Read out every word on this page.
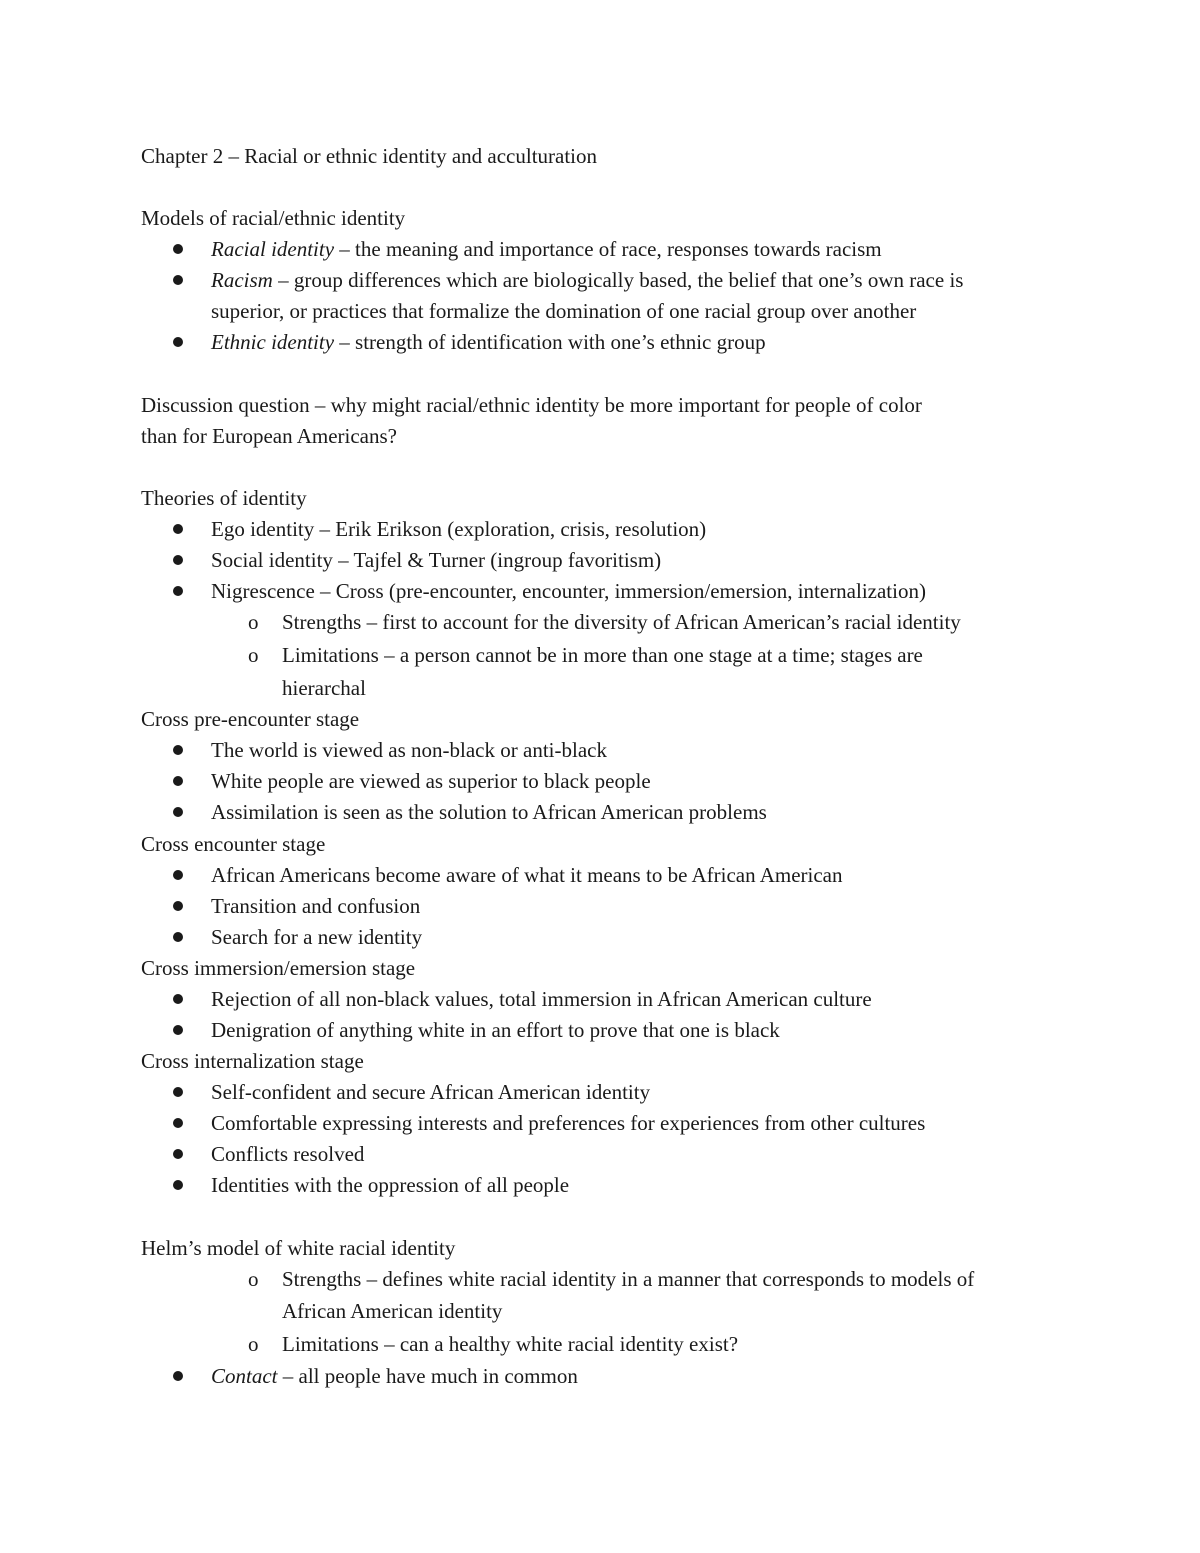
Chapter 2 – Racial or ethnic identity and acculturation
Models of racial/ethnic identity
Racial identity – the meaning and importance of race, responses towards racism
Racism – group differences which are biologically based, the belief that one’s own race is
superior, or practices that formalize the domination of one racial group over another
Ethnic identity – strength of identification with one’s ethnic group
Discussion question – why might racial/ethnic identity be more important for people of color
than for European Americans?
Theories of identity
Ego identity – Erik Erikson (exploration, crisis, resolution)
Social identity – Tajfel & Turner (ingroup favoritism)
Nigrescence – Cross (pre-encounter, encounter, immersion/emersion, internalization)
o Strengths – first to account for the diversity of African American’s racial identity
o Limitations – a person cannot be in more than one stage at a time; stages are
hierarchal
Cross pre-encounter stage
The world is viewed as non-black or anti-black
White people are viewed as superior to black people
Assimilation is seen as the solution to African American problems
Cross encounter stage
African Americans become aware of what it means to be African American
Transition and confusion
Search for a new identity
Cross immersion/emersion stage
Rejection of all non-black values, total immersion in African American culture
Denigration of anything white in an effort to prove that one is black
Cross internalization stage
Self-confident and secure African American identity
Comfortable expressing interests and preferences for experiences from other cultures
Conflicts resolved
Identities with the oppression of all people
Helm’s model of white racial identity
o Strengths – defines white racial identity in a manner that corresponds to models of
African American identity
o Limitations – can a healthy white racial identity exist?
Contact – all people have much in common
